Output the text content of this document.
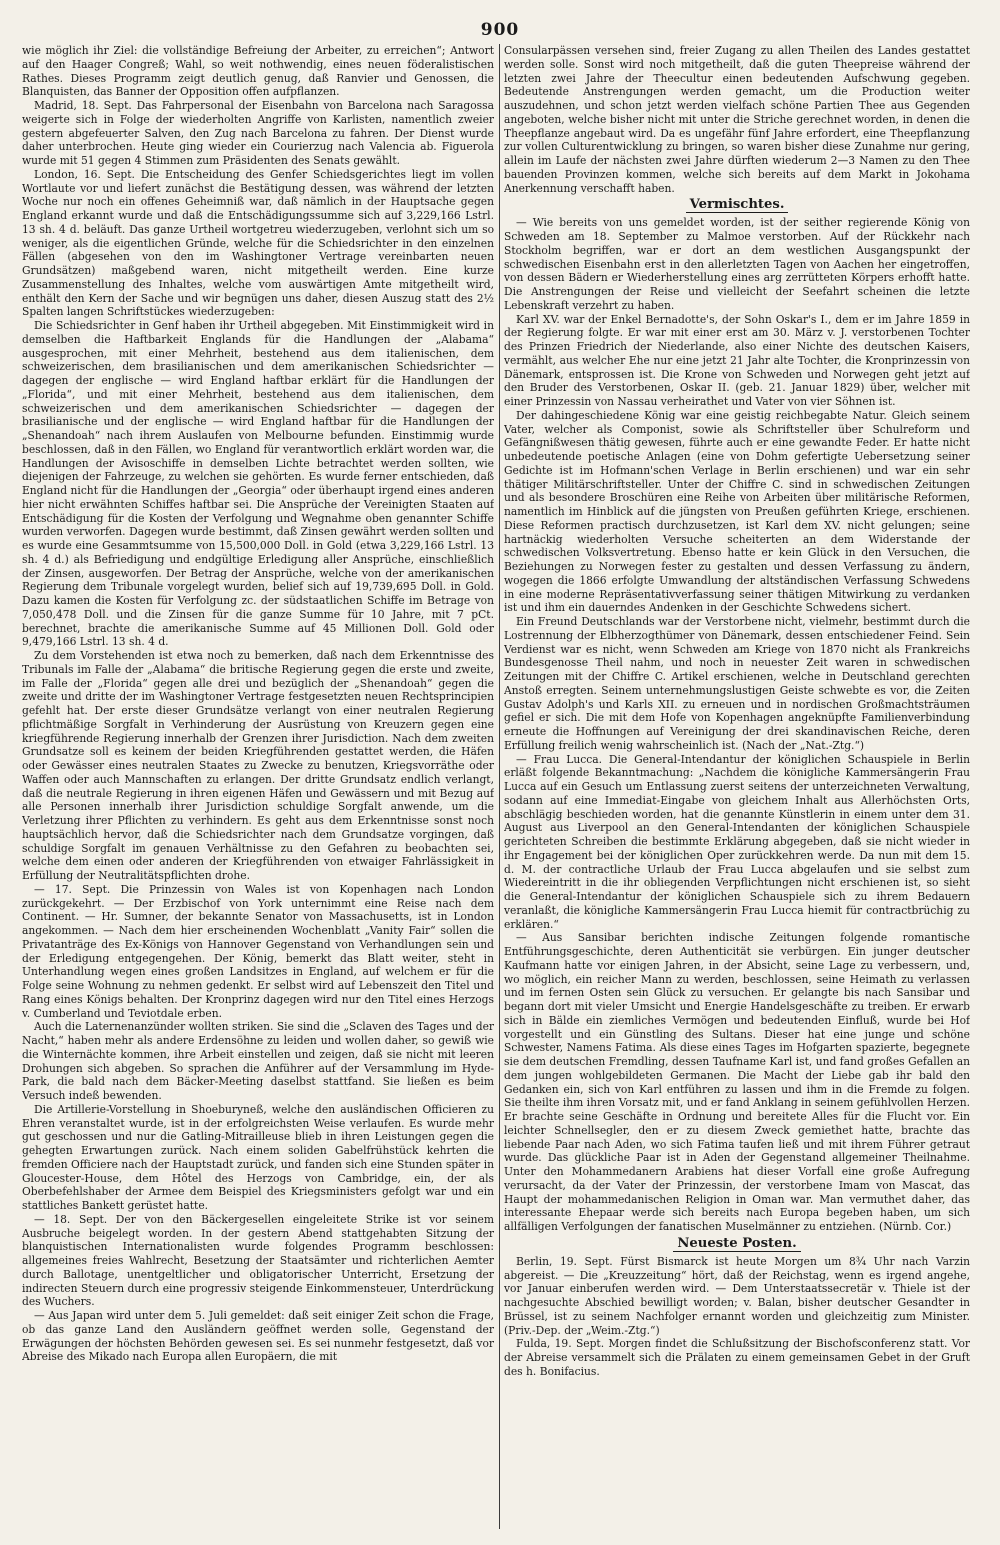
900

wie möglich ihr Ziel: die vollständige Befreiung der Arbeiter, zu erreichen“; Antwort auf den Haager Congreß; Wahl, so weit nothwendig, eines neuen föderalistischen Rathes. Dieses Programm zeigt deutlich genug, daß Ranvier und Genossen, die Blanquisten, das Banner der Opposition offen aufpflanzen.

Madrid, 18. Sept. Das Fahrpersonal der Eisenbahn von Barcelona nach Saragossa weigerte sich in Folge der wiederholten Angriffe von Karlisten, namentlich zweier gestern abgefeuerter Salven, den Zug nach Barcelona zu fahren. Der Dienst wurde daher unterbrochen. Heute ging wieder ein Courierzug nach Valencia ab. Figuerola wurde mit 51 gegen 4 Stimmen zum Präsidenten des Senats gewählt.

London, 16. Sept. Die Entscheidung des Genfer Schiedsgerichtes liegt im vollen Wortlaute vor und liefert zunächst die Bestätigung dessen, was während der letzten Woche nur noch ein offenes Geheimniß war, daß nämlich in der Hauptsache gegen England erkannt wurde und daß die Entschädigungssumme sich auf 3,229,166 Lstrl. 13 sh. 4 d. beläuft. Das ganze Urtheil wortgetreu wiederzugeben, verlohnt sich um so weniger, als die eigentlichen Gründe, welche für die Schiedsrichter in den einzelnen Fällen (abgesehen von den im Washingtoner Vertrage vereinbarten neuen Grundsätzen) maßgebend waren, nicht mitgetheilt werden. Eine kurze Zusammenstellung des Inhaltes, welche vom auswärtigen Amte mitgetheilt wird, enthält den Kern der Sache und wir begnügen uns daher, diesen Auszug statt des 2½ Spalten langen Schriftstückes wiederzugeben:

Die Schiedsrichter in Genf haben ihr Urtheil abgegeben. Mit Einstimmigkeit wird in demselben die Haftbarkeit Englands für die Handlungen der „Alabama“ ausgesprochen, mit einer Mehrheit, bestehend aus dem italienischen, dem schweizerischen, dem brasilianischen und dem amerikanischen Schiedsrichter — dagegen der englische — wird England haftbar erklärt für die Handlungen der „Florida“, und mit einer Mehrheit, bestehend aus dem italienischen, dem schweizerischen und dem amerikanischen Schiedsrichter — dagegen der brasilianische und der englische — wird England haftbar für die Handlungen der „Shenandoah“ nach ihrem Auslaufen von Melbourne befunden. Einstimmig wurde beschlossen, daß in den Fällen, wo England für verantwortlich erklärt worden war, die Handlungen der Avisoschiffe in demselben Lichte betrachtet werden sollten, wie diejenigen der Fahrzeuge, zu welchen sie gehörten. Es wurde ferner entschieden, daß England nicht für die Handlungen der „Georgia“ oder überhaupt irgend eines anderen hier nicht erwähnten Schiffes haftbar sei. Die Ansprüche der Vereinigten Staaten auf Entschädigung für die Kosten der Verfolgung und Wegnahme oben genannter Schiffe wurden verworfen. Dagegen wurde bestimmt, daß Zinsen gewährt werden sollten und es wurde eine Gesammtsumme von 15,500,000 Doll. in Gold (etwa 3,229,166 Lstrl. 13 sh. 4 d.) als Befriedigung und endgültige Erledigung aller Ansprüche, einschließlich der Zinsen, ausgeworfen. Der Betrag der Ansprüche, welche von der amerikanischen Regierung dem Tribunale vorgelegt wurden, belief sich auf 19,739,695 Doll. in Gold. Dazu kamen die Kosten für Verfolgung zc. der südstaatlichen Schiffe im Betrage von 7,050,478 Doll. und die Zinsen für die ganze Summe für 10 Jahre, mit 7 pCt. berechnet, brachte die amerikanische Summe auf 45 Millionen Doll. Gold oder 9,479,166 Lstrl. 13 sh. 4 d.

Zu dem Vorstehenden ist etwa noch zu bemerken, daß nach dem Erkenntnisse des Tribunals im Falle der „Alabama“ die britische Regierung gegen die erste und zweite, im Falle der „Florida“ gegen alle drei und bezüglich der „Shenandoah“ gegen die zweite und dritte der im Washingtoner Vertrage festgesetzten neuen Rechtsprincipien gefehlt hat. Der erste dieser Grundsätze verlangt von einer neutralen Regierung pflichtmäßige Sorgfalt in Verhinderung der Ausrüstung von Kreuzern gegen eine kriegführende Regierung innerhalb der Grenzen ihrer Jurisdiction. Nach dem zweiten Grundsatze soll es keinem der beiden Kriegführenden gestattet werden, die Häfen oder Gewässer eines neutralen Staates zu Zwecke zu benutzen, Kriegsvorräthe oder Waffen oder auch Mannschaften zu erlangen. Der dritte Grundsatz endlich verlangt, daß die neutrale Regierung in ihren eigenen Häfen und Gewässern und mit Bezug auf alle Personen innerhalb ihrer Jurisdiction schuldige Sorgfalt anwende, um die Verletzung ihrer Pflichten zu verhindern. Es geht aus dem Erkenntnisse sonst noch hauptsächlich hervor, daß die Schiedsrichter nach dem Grundsatze vorgingen, daß schuldige Sorgfalt im genauen Verhältnisse zu den Gefahren zu beobachten sei, welche dem einen oder anderen der Kriegführenden von etwaiger Fahrlässigkeit in Erfüllung der Neutralitätspflichten drohe.

— 17. Sept. Die Prinzessin von Wales ist von Kopenhagen nach London zurückgekehrt. — Der Erzbischof von York unternimmt eine Reise nach dem Continent. — Hr. Sumner, der bekannte Senator von Massachusetts, ist in London angekommen. — Nach dem hier erscheinenden Wochenblatt „Vanity Fair“ sollen die Privatanträge des Ex-Königs von Hannover Gegenstand von Verhandlungen sein und der Erledigung entgegengehen. Der König, bemerkt das Blatt weiter, steht in Unterhandlung wegen eines großen Landsitzes in England, auf welchem er für die Folge seine Wohnung zu nehmen gedenkt. Er selbst wird auf Lebenszeit den Titel und Rang eines Königs behalten. Der Kronprinz dagegen wird nur den Titel eines Herzogs v. Cumberland und Teviotdale erben.

Auch die Laternenanzünder wollten striken. Sie sind die „Sclaven des Tages und der Nacht,“ haben mehr als andere Erdensöhne zu leiden und wollen daher, so gewiß wie die Winternächte kommen, ihre Arbeit einstellen und zeigen, daß sie nicht mit leeren Drohungen sich abgeben. So sprachen die Anführer auf der Versammlung im Hyde-Park, die bald nach dem Bäcker-Meeting daselbst stattfand. Sie ließen es beim Versuch indeß bewenden.

Die Artillerie-Vorstellung in Shoeburyneß, welche den ausländischen Officieren zu Ehren veranstaltet wurde, ist in der erfolgreichsten Weise verlaufen. Es wurde mehr gut geschossen und nur die Gatling-Mitrailleuse blieb in ihren Leistungen gegen die gehegten Erwartungen zurück. Nach einem soliden Gabelfrühstück kehrten die fremden Officiere nach der Hauptstadt zurück, und fanden sich eine Stunden später in Gloucester-House, dem Hôtel des Herzogs von Cambridge, ein, der als Oberbefehlshaber der Armee dem Beispiel des Kriegsministers gefolgt war und ein stattliches Bankett gerüstet hatte.

— 18. Sept. Der von den Bäckergesellen eingeleitete Strike ist vor seinem Ausbruche beigelegt worden. In der gestern Abend stattgehabten Sitzung der blanquistischen Internationalisten wurde folgendes Programm beschlossen: allgemeines freies Wahlrecht, Besetzung der Staatsämter und richterlichen Aemter durch Ballotage, unentgeltlicher und obligatorischer Unterricht, Ersetzung der indirecten Steuern durch eine progressiv steigende Einkommensteuer, Unterdrückung des Wuchers.

— Aus Japan wird unter dem 5. Juli gemeldet: daß seit einiger Zeit schon die Frage, ob das ganze Land den Ausländern geöffnet werden solle, Gegenstand der Erwägungen der höchsten Behörden gewesen sei. Es sei nunmehr festgesetzt, daß vor Abreise des Mikado nach Europa allen Europäern, die mit

Consularpässen versehen sind, freier Zugang zu allen Theilen des Landes gestattet werden solle. Sonst wird noch mitgetheilt, daß die guten Theepreise während der letzten zwei Jahre der Theecultur einen bedeutenden Aufschwung gegeben. Bedeutende Anstrengungen werden gemacht, um die Production weiter auszudehnen, und schon jetzt werden vielfach schöne Partien Thee aus Gegenden angeboten, welche bisher nicht mit unter die Striche gerechnet worden, in denen die Theepflanze angebaut wird. Da es ungefähr fünf Jahre erfordert, eine Theepflanzung zur vollen Culturentwicklung zu bringen, so waren bisher diese Zunahme nur gering, allein im Laufe der nächsten zwei Jahre dürften wiederum 2—3 Namen zu den Thee bauenden Provinzen kommen, welche sich bereits auf dem Markt in Jokohama Anerkennung verschafft haben.

Vermischtes.

— Wie bereits von uns gemeldet worden, ist der seither regierende König von Schweden am 18. September zu Malmoe verstorben. Auf der Rückkehr nach Stockholm begriffen, war er dort an dem westlichen Ausgangspunkt der schwedischen Eisenbahn erst in den allerletzten Tagen von Aachen her eingetroffen, von dessen Bädern er Wiederherstellung eines arg zerrütteten Körpers erhofft hatte. Die Anstrengungen der Reise und vielleicht der Seefahrt scheinen die letzte Lebenskraft verzehrt zu haben.

Karl XV. war der Enkel Bernadotte's, der Sohn Oskar's I., dem er im Jahre 1859 in der Regierung folgte. Er war mit einer erst am 30. März v. J. verstorbenen Tochter des Prinzen Friedrich der Niederlande, also einer Nichte des deutschen Kaisers, vermählt, aus welcher Ehe nur eine jetzt 21 Jahr alte Tochter, die Kronprinzessin von Dänemark, entsprossen ist. Die Krone von Schweden und Norwegen geht jetzt auf den Bruder des Verstorbenen, Oskar II. (geb. 21. Januar 1829) über, welcher mit einer Prinzessin von Nassau verheirathet und Vater von vier Söhnen ist.

Der dahingeschiedene König war eine geistig reichbegabte Natur. Gleich seinem Vater, welcher als Componist, sowie als Schriftsteller über Schulreform und Gefängnißwesen thätig gewesen, führte auch er eine gewandte Feder. Er hatte nicht unbedeutende poetische Anlagen (eine von Dohm gefertigte Uebersetzung seiner Gedichte ist im Hofmann'schen Verlage in Berlin erschienen) und war ein sehr thätiger Militärschriftsteller. Unter der Chiffre C. sind in schwedischen Zeitungen und als besondere Broschüren eine Reihe von Arbeiten über militärische Reformen, namentlich im Hinblick auf die jüngsten von Preußen geführten Kriege, erschienen. Diese Reformen practisch durchzusetzen, ist Karl dem XV. nicht gelungen; seine hartnäckig wiederholten Versuche scheiterten an dem Widerstande der schwedischen Volksvertretung. Ebenso hatte er kein Glück in den Versuchen, die Beziehungen zu Norwegen fester zu gestalten und dessen Verfassung zu ändern, wogegen die 1866 erfolgte Umwandlung der altständischen Verfassung Schwedens in eine moderne Repräsentativverfassung seiner thätigen Mitwirkung zu verdanken ist und ihm ein dauerndes Andenken in der Geschichte Schwedens sichert.

Ein Freund Deutschlands war der Verstorbene nicht, vielmehr, bestimmt durch die Lostrennung der Elbherzogthümer von Dänemark, dessen entschiedener Feind. Sein Verdienst war es nicht, wenn Schweden am Kriege von 1870 nicht als Frankreichs Bundesgenosse Theil nahm, und noch in neuester Zeit waren in schwedischen Zeitungen mit der Chiffre C. Artikel erschienen, welche in Deutschland gerechten Anstoß erregten. Seinem unternehmungslustigen Geiste schwebte es vor, die Zeiten Gustav Adolph's und Karls XII. zu erneuen und in nordischen Großmachtsträumen gefiel er sich. Die mit dem Hofe von Kopenhagen angeknüpfte Familienverbindung erneute die Hoffnungen auf Vereinigung der drei skandinavischen Reiche, deren Erfüllung freilich wenig wahrscheinlich ist. (Nach der „Nat.-Ztg.“)

— Frau Lucca. Die General-Intendantur der königlichen Schauspiele in Berlin erläßt folgende Bekanntmachung: „Nachdem die königliche Kammersängerin Frau Lucca auf ein Gesuch um Entlassung zuerst seitens der unterzeichneten Verwaltung, sodann auf eine Immediat-Eingabe von gleichem Inhalt aus Allerhöchsten Orts, abschlägig beschieden worden, hat die genannte Künstlerin in einem unter dem 31. August aus Liverpool an den General-Intendanten der königlichen Schauspiele gerichteten Schreiben die bestimmte Erklärung abgegeben, daß sie nicht wieder in ihr Engagement bei der königlichen Oper zurückkehren werde. Da nun mit dem 15. d. M. der contractliche Urlaub der Frau Lucca abgelaufen und sie selbst zum Wiedereintritt in die ihr obliegenden Verpflichtungen nicht erschienen ist, so sieht die General-Intendantur der königlichen Schauspiele sich zu ihrem Bedauern veranlaßt, die königliche Kammersängerin Frau Lucca hiemit für contractbrüchig zu erklären.“

— Aus Sansibar berichten indische Zeitungen folgende romantische Entführungsgeschichte, deren Authenticität sie verbürgen. Ein junger deutscher Kaufmann hatte vor einigen Jahren, in der Absicht, seine Lage zu verbessern, und, wo möglich, ein reicher Mann zu werden, beschlossen, seine Heimath zu verlassen und im fernen Osten sein Glück zu versuchen. Er gelangte bis nach Sansibar und begann dort mit vieler Umsicht und Energie Handelsgeschäfte zu treiben. Er erwarb sich in Bälde ein ziemliches Vermögen und bedeutenden Einfluß, wurde bei Hof vorgestellt und ein Günstling des Sultans. Dieser hat eine junge und schöne Schwester, Namens Fatima. Als diese eines Tages im Hofgarten spazierte, begegnete sie dem deutschen Fremdling, dessen Taufname Karl ist, und fand großes Gefallen an dem jungen wohlgebildeten Germanen. Die Macht der Liebe gab ihr bald den Gedanken ein, sich von Karl entführen zu lassen und ihm in die Fremde zu folgen. Sie theilte ihm ihren Vorsatz mit, und er fand Anklang in seinem gefühlvollen Herzen. Er brachte seine Geschäfte in Ordnung und bereitete Alles für die Flucht vor. Ein leichter Schnellsegler, den er zu diesem Zweck gemiethet hatte, brachte das liebende Paar nach Aden, wo sich Fatima taufen ließ und mit ihrem Führer getraut wurde. Das glückliche Paar ist in Aden der Gegenstand allgemeiner Theilnahme. Unter den Mohammedanern Arabiens hat dieser Vorfall eine große Aufregung verursacht, da der Vater der Prinzessin, der verstorbene Imam von Mascat, das Haupt der mohammedanischen Religion in Oman war. Man vermuthet daher, das interessante Ehepaar werde sich bereits nach Europa begeben haben, um sich allfälligen Verfolgungen der fanatischen Muselmänner zu entziehen. (Nürnb. Cor.)

Neueste Posten.

Berlin, 19. Sept. Fürst Bismarck ist heute Morgen um 8¾ Uhr nach Varzin abgereist. — Die „Kreuzzeitung“ hört, daß der Reichstag, wenn es irgend angehe, vor Januar einberufen werden wird. — Dem Unterstaatssecretär v. Thiele ist der nachgesuchte Abschied bewilligt worden; v. Balan, bisher deutscher Gesandter in Brüssel, ist zu seinem Nachfolger ernannt worden und gleichzeitig zum Minister. (Priv.-Dep. der „Weim.-Ztg.“)

Fulda, 19. Sept. Morgen findet die Schlußsitzung der Bischofsconferenz statt. Vor der Abreise versammelt sich die Prälaten zu einem gemeinsamen Gebet in der Gruft des h. Bonifacius.
